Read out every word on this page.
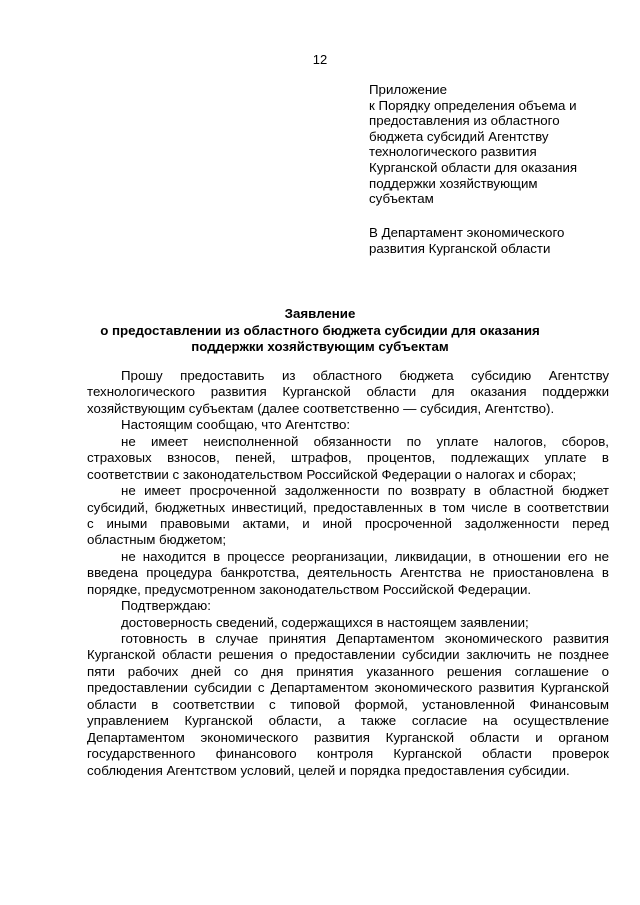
12
Приложение
к Порядку определения объема и
предоставления из областного
бюджета субсидий Агентству
технологического развития
Курганской области для оказания
поддержки хозяйствующим
субъектам
В Департамент экономического
развития Курганской области
Заявление
о предоставлении из областного бюджета субсидии для оказания
поддержки хозяйствующим субъектам
Прошу предоставить из областного бюджета субсидию Агентству
технологического развития Курганской области для оказания поддержки
хозяйствующим субъектам (далее соответственно — субсидия, Агентство).
Настоящим сообщаю, что Агентство:
не имеет неисполненной обязанности по уплате налогов, сборов,
страховых взносов, пеней, штрафов, процентов, подлежащих уплате в
соответствии с законодательством Российской Федерации о налогах и сборах;
не имеет просроченной задолженности по возврату в областной бюджет
субсидий, бюджетных инвестиций, предоставленных в том числе в соответствии
с иными правовыми актами, и иной просроченной задолженности перед
областным бюджетом;
не находится в процессе реорганизации, ликвидации, в отношении его не
введена процедура банкротства, деятельность Агентства не приостановлена в
порядке, предусмотренном законодательством Российской Федерации.
Подтверждаю:
достоверность сведений, содержащихся в настоящем заявлении;
готовность в случае принятия Департаментом экономического развития
Курганской области решения о предоставлении субсидии заключить не позднее
пяти рабочих дней со дня принятия указанного решения соглашение о
предоставлении субсидии с Департаментом экономического развития Курганской
области в соответствии с типовой формой, установленной Финансовым
управлением Курганской области, а также согласие на осуществление
Департаментом экономического развития Курганской области и органом
государственного финансового контроля Курганской области проверок
соблюдения Агентством условий, целей и порядка предоставления субсидии.
